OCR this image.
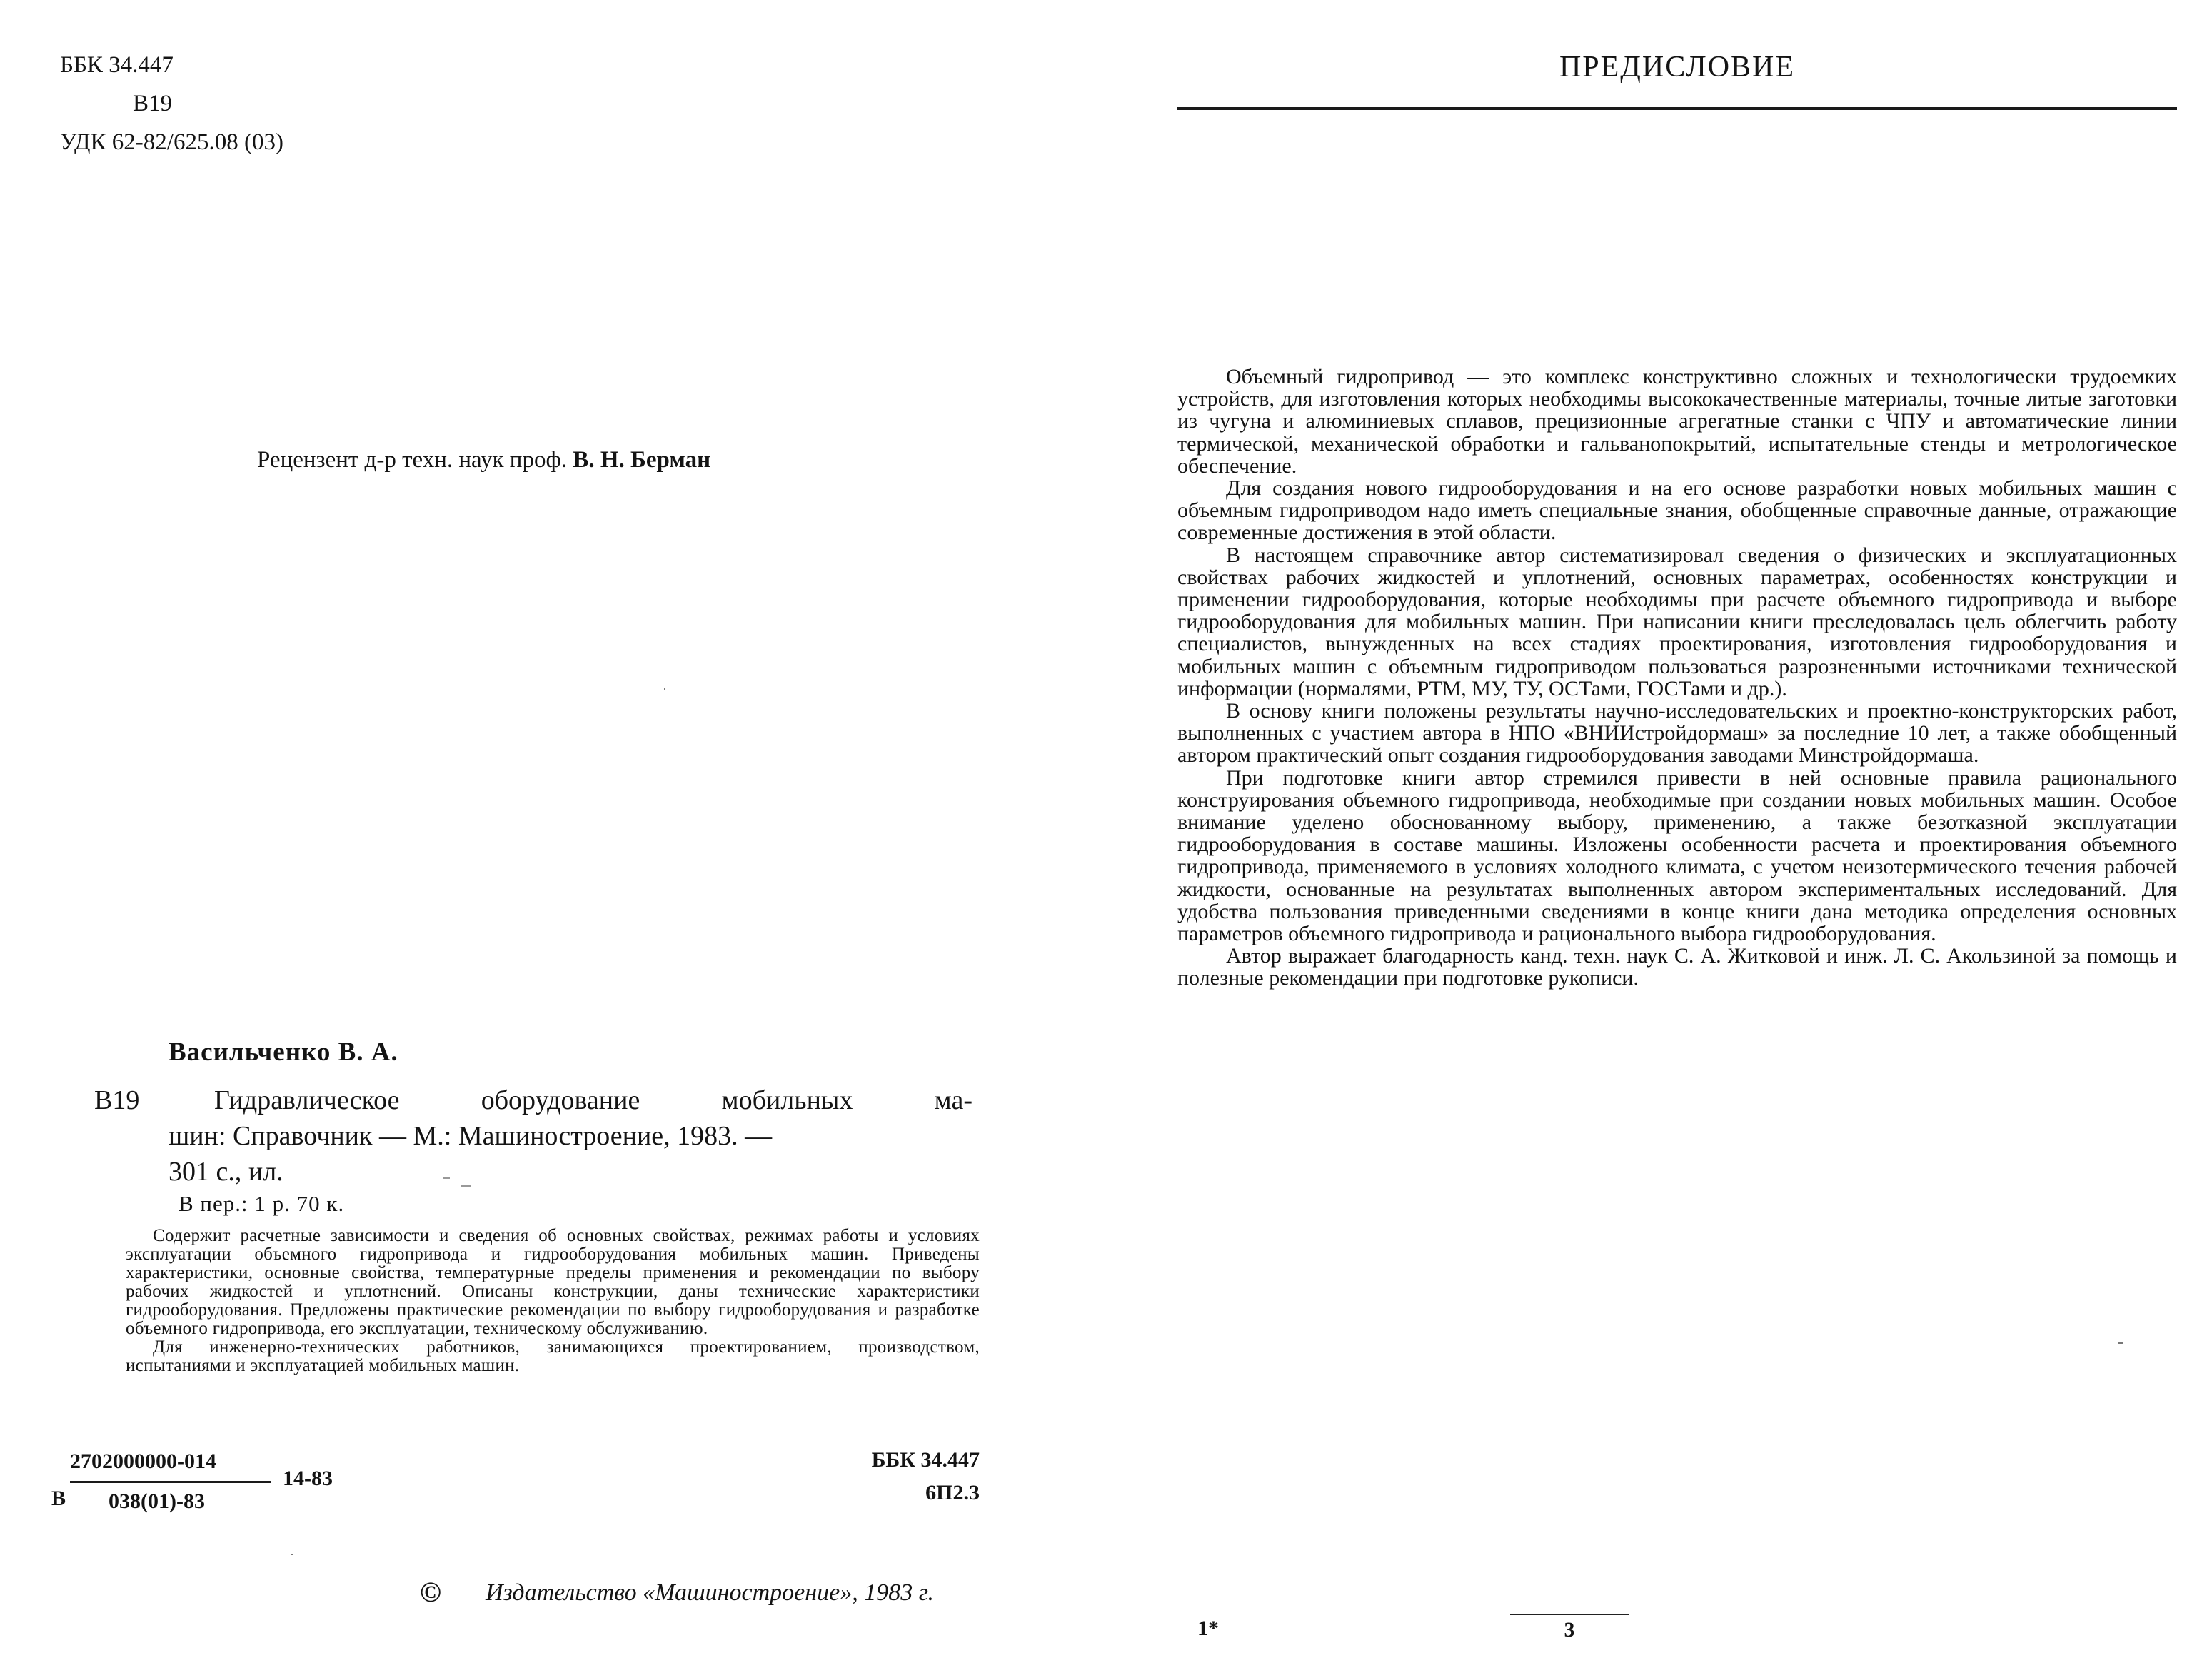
ББК 34.447
В19
УДК 62-82/625.08 (03)
Рецензент д-р техн. наук проф. В. Н. Берман
Васильченко В. А.
В19	Гидравлическое оборудование мобильных ма-
шин: Справочник — М.: Машиностроение, 1983. —
301 с., ил.
В пер.: 1 р. 70 к.

Содержит расчетные зависимости и сведения об основных свойствах, режимах работы и условиях эксплуатации объемного гидропривода и гидрооборудования мобильных машин. Приведены характеристики, основные свойства, температурные пределы применения и рекомендации по выбору рабочих жидкостей и уплотнений. Описаны конструкции, даны технические характеристики гидрооборудования. Предложены практические рекомендации по выбору гидрооборудования и разработке объемного гидропривода, его эксплуатации, техническому обслуживанию.

Для инженерно-технических работников, занимающихся проектированием, производством, испытаниями и эксплуатацией мобильных машин.

В
2702000000-014
038(01)-83
14-83
ББК 34.447
6П2.3
© Издательство «Машиностроение», 1983 г.
ПРЕДИСЛОВИЕ

Объемный гидропривод — это комплекс конструктивно сложных и технологически трудоемких устройств, для изготовления которых необходимы высококачественные материалы, точные литые заготовки из чугуна и алюминиевых сплавов, прецизионные агрегатные станки с ЧПУ и автоматические линии термической, механической обработки и гальванопокрытий, испытательные стенды и метрологическое обеспечение.

Для создания нового гидрооборудования и на его основе разработки новых мобильных машин с объемным гидроприводом надо иметь специальные знания, обобщенные справочные данные, отражающие современные достижения в этой области.

В настоящем справочнике автор систематизировал сведения о физических и эксплуатационных свойствах рабочих жидкостей и уплотнений, основных параметрах, особенностях конструкции и применении гидрооборудования, которые необходимы при расчете объемного гидропривода и выборе гидрооборудования для мобильных машин. При написании книги преследовалась цель облегчить работу специалистов, вынужденных на всех стадиях проектирования, изготовления гидрооборудования и мобильных машин с объемным гидроприводом пользоваться разрозненными источниками технической информации (нормалями, РТМ, МУ, ТУ, ОСТами, ГОСТами и др.).

В основу книги положены результаты научно-исследовательских и проектно-конструкторских работ, выполненных с участием автора в НПО «ВНИИстройдормаш» за последние 10 лет, а также обобщенный автором практический опыт создания гидрооборудования заводами Минстройдормаша.

При подготовке книги автор стремился привести в ней основные правила рационального конструирования объемного гидропривода, необходимые при создании новых мобильных машин. Особое внимание уделено обоснованному выбору, применению, а также безотказной эксплуатации гидрооборудования в составе машины. Изложены особенности расчета и проектирования объемного гидропривода, применяемого в условиях холодного климата, с учетом неизотермического течения рабочей жидкости, основанные на результатах выполненных автором экспериментальных исследований. Для удобства пользования приведенными сведениями в конце книги дана методика определения основных параметров объемного гидропривода и рационального выбора гидрооборудования.

Автор выражает благодарность канд. техн. наук С. А. Житковой и инж. Л. С. Акользиной за помощь и полезные рекомендации при подготовке рукописи.

1*	3
